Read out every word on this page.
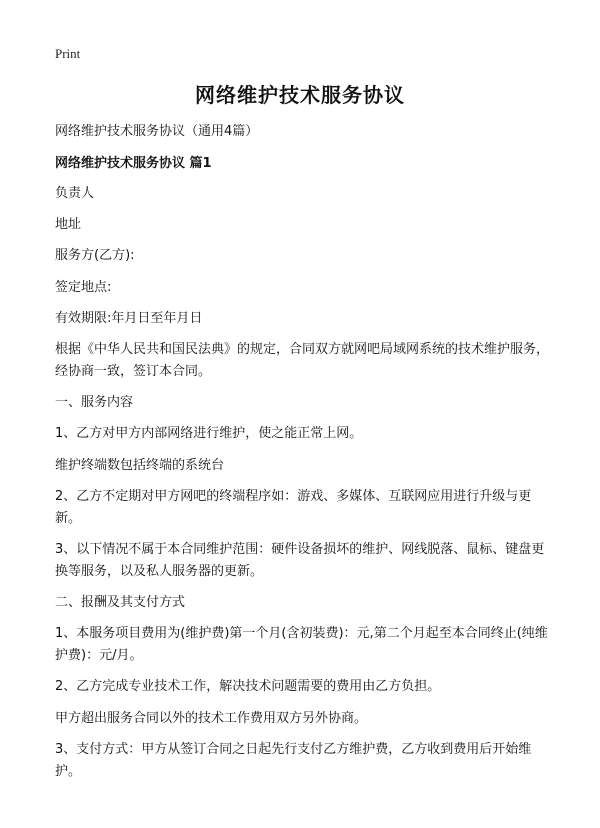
Print
网络维护技术服务协议
网络维护技术服务协议（通用4篇）
网络维护技术服务协议 篇1

负责人

地址

服务方(乙方):

签定地点:

有效期限:年月日至年月日

根据《中华人民共和国民法典》的规定，合同双方就网吧局域网系统的技术维护服务，经协商一致，签订本合同。

一、服务内容

1、乙方对甲方内部网络进行维护，使之能正常上网。

维护终端数包括终端的系统台

2、乙方不定期对甲方网吧的终端程序如：游戏、多媒体、互联网应用进行升级与更新。

3、以下情况不属于本合同维护范围：硬件设备损坏的维护、网线脱落、鼠标、键盘更换等服务，以及私人服务器的更新。

二、报酬及其支付方式

1、本服务项目费用为(维护费)第一个月(含初装费)：元,第二个月起至本合同终止(纯维护费)：元/月。

2、乙方完成专业技术工作，解决技术问题需要的费用由乙方负担。

甲方超出服务合同以外的技术工作费用双方另外协商。

3、支付方式：甲方从签订合同之日起先行支付乙方维护费，乙方收到费用后开始维护。
